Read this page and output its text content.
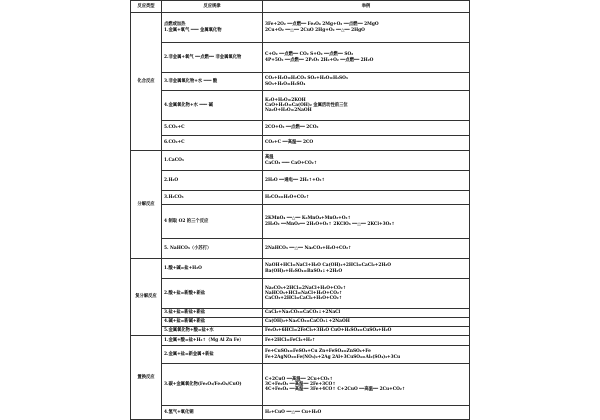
反应类型	反应规律	举例
化合反应	点燃或加热
1.金属+氧气 ═══ 金属氧化物	3Fe+2O₂ ══点燃══ Fe₃O₄ 2Mg+O₂ ══点燃══ 2MgO
2Cu+O₂ ══△══ 2CuO 2Hg+O₂ ══△══ 2HgO

	2.非金属+氧气 ══点燃══ 非金属氧化物	C+O₂ ══点燃══ CO₂ S+O₂ ══点燃══ SO₂
4P+5O₂ ══点燃══ 2P₂O₅ 2H₂+O₂ ══点燃══ 2H₂O

	3.非金属氧化物+水 ═══ 酸	CO₂+H₂O=H₂CO₃ SO₂+H₂O=H₂SO₃
SO₃+H₂O=H₂SO₄

	4.金属氧化物+水 ═══ 碱	K₂O+H₂O=2KOH
CaO+H₂O=Ca(OH)₂ 金属活动性前三位
Na₂O+H₂O=2NaOH

	5.CO₂+C	2CO+O₂ ══点燃══ 2CO₂

	6.CO₂+C	CO₂+C ══高温══ 2CO

分解反应	1.CaCO₃	高温
CaCO₃ ═══ CaO+CO₂↑

	2.H₂O	2H₂O ══通电══ 2H₂↑+O₂↑

	3.H₂CO₃	H₂CO₃=H₂O+CO₂↑

	4 制取 O2 的三个反应	2KMnO₄ ══△══ K₂MnO₄+MnO₂+O₂↑
2H₂O₂ ══MnO₂══ 2H₂O+O₂↑ 2KClO₃ ══△══ 2KCl+3O₂↑

	5. NaHCO₃（小苏打）	2NaHCO₃ ══△══ Na₂CO₃+H₂O+CO₂↑

复分解反应	1.酸+碱=盐+H₂O	NaOH+HCl=NaCl+H₂O Ca(OH)₂+2HCl=CaCl₂+2H₂O
Ba(OH)₂+H₂SO₄=BaSO₄↓+2H₂O

	2.酸+盐=新酸+新盐	Na₂CO₃+2HCl=2NaCl+H₂O+CO₂↑
NaHCO₃+HCl=NaCl+H₂O+CO₂↑
CaCO₃+2HCl=CaCl₂+H₂O+CO₂↑

	3.盐+盐=新盐+新盐	CaCl₂+Na₂CO₃=CaCO₃↓+2NaCl

	4.碱+盐=新碱+新盐	Ca(OH)₂+Na₂CO₃=CaCO₃↓+2NaOH

	5.金属氧化物+酸=盐+水	Fe₂O₃+6HCl=2FeCl₃+3H₂O CuO+H₂SO₄=CuSO₄+H₂O

置换反应	1.金属+酸=盐+H₂↑（Mg Al Zn Fe）	Fe+2HCl=FeCl₂+H₂↑

	2.金属+盐=新金属+新盐	Fe+CuSO₄=FeSO₄+Cu Zn+FeSO₄=ZnSO₄+Fe
Fe+2AgNO₃=Fe(NO₃)₂+2Ag 2Al+3CuSO₄=Al₂(SO₄)₃+3Cu

	3.碳+金属氧化物(Fe₂O₃/Fe₃O₄/CuO)	C+2CuO ══高温══ 2Cu+CO₂↑
3C+Fe₂O₃ ══高温══ 2Fe+3CO↑
4C+Fe₃O₄ ══高温══ 3Fe+4CO↑ C+2CuO ══高温══ 2Cu+CO₂↑

	4.氢气+氧化铜	H₂+CuO ══△══ Cu+H₂O
